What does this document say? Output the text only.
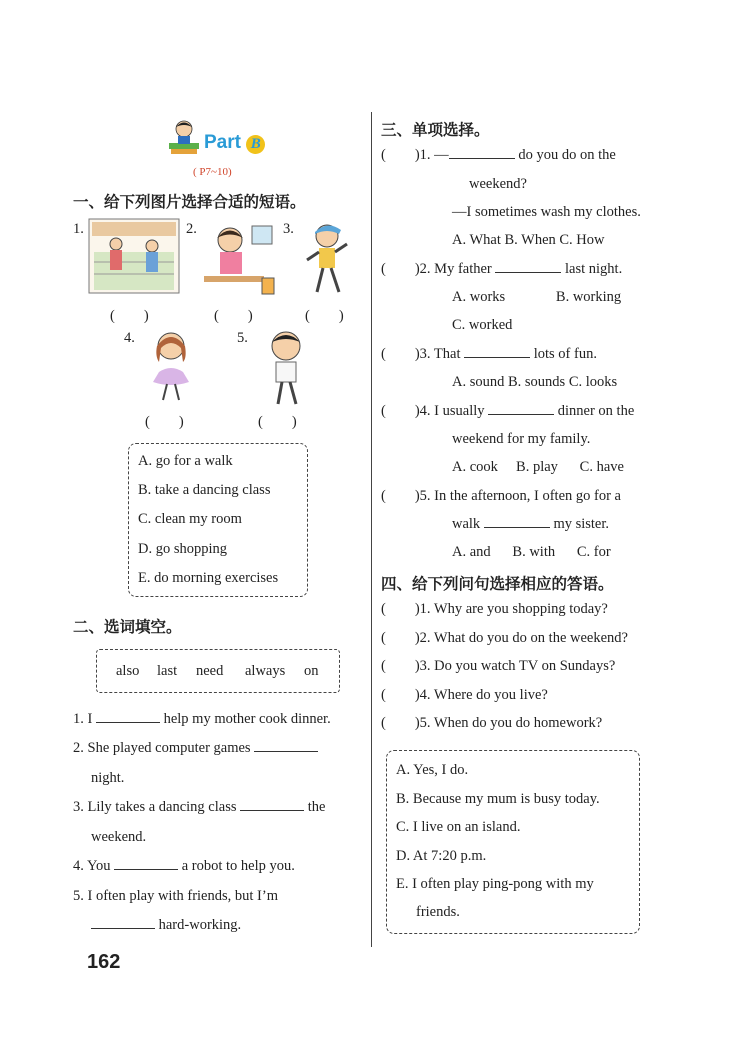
Part B
( P7~10)
一、给下列图片选择合适的短语。
1.	2.	3.
4.	5.
(　　)	(　　)	(　　)
(　　)	(　　)
A. go for a walk
B. take a dancing class
C. clean my room
D. go shopping
E. do morning exercises
二、选词填空。
also last need always on
1. I	help my mother cook dinner.
2. She played computer games
night.
3. Lily takes a dancing class	the
weekend.
4. You	a robot to help you.
5. I often play with friends, but I’m
hard-working.
162
三、单项选择。
(        )1. —	do you do on the
weekend?
—I sometimes wash my clothes.
A. What B. When C. How
(        )2. My father	last night.
A. works              B. working
C. worked
(        )3. That	lots of fun.
A. sound B. sounds C. looks
(        )4. I usually	dinner on the
weekend for my family.
A. cook     B. play      C. have
(        )5. In the afternoon, I often go for a
walk	my sister.
A. and      B. with      C. for
四、给下列问句选择相应的答语。
(        )1. Why are you shopping today?
(        )2. What do you do on the weekend?
(        )3. Do you watch TV on Sundays?
(        )4. Where do you live?
(        )5. When do you do homework?
A. Yes, I do.
B. Because my mum is busy today.
C. I live on an island.
D. At 7:20 p.m.
E. I often play ping-pong with my
friends.
